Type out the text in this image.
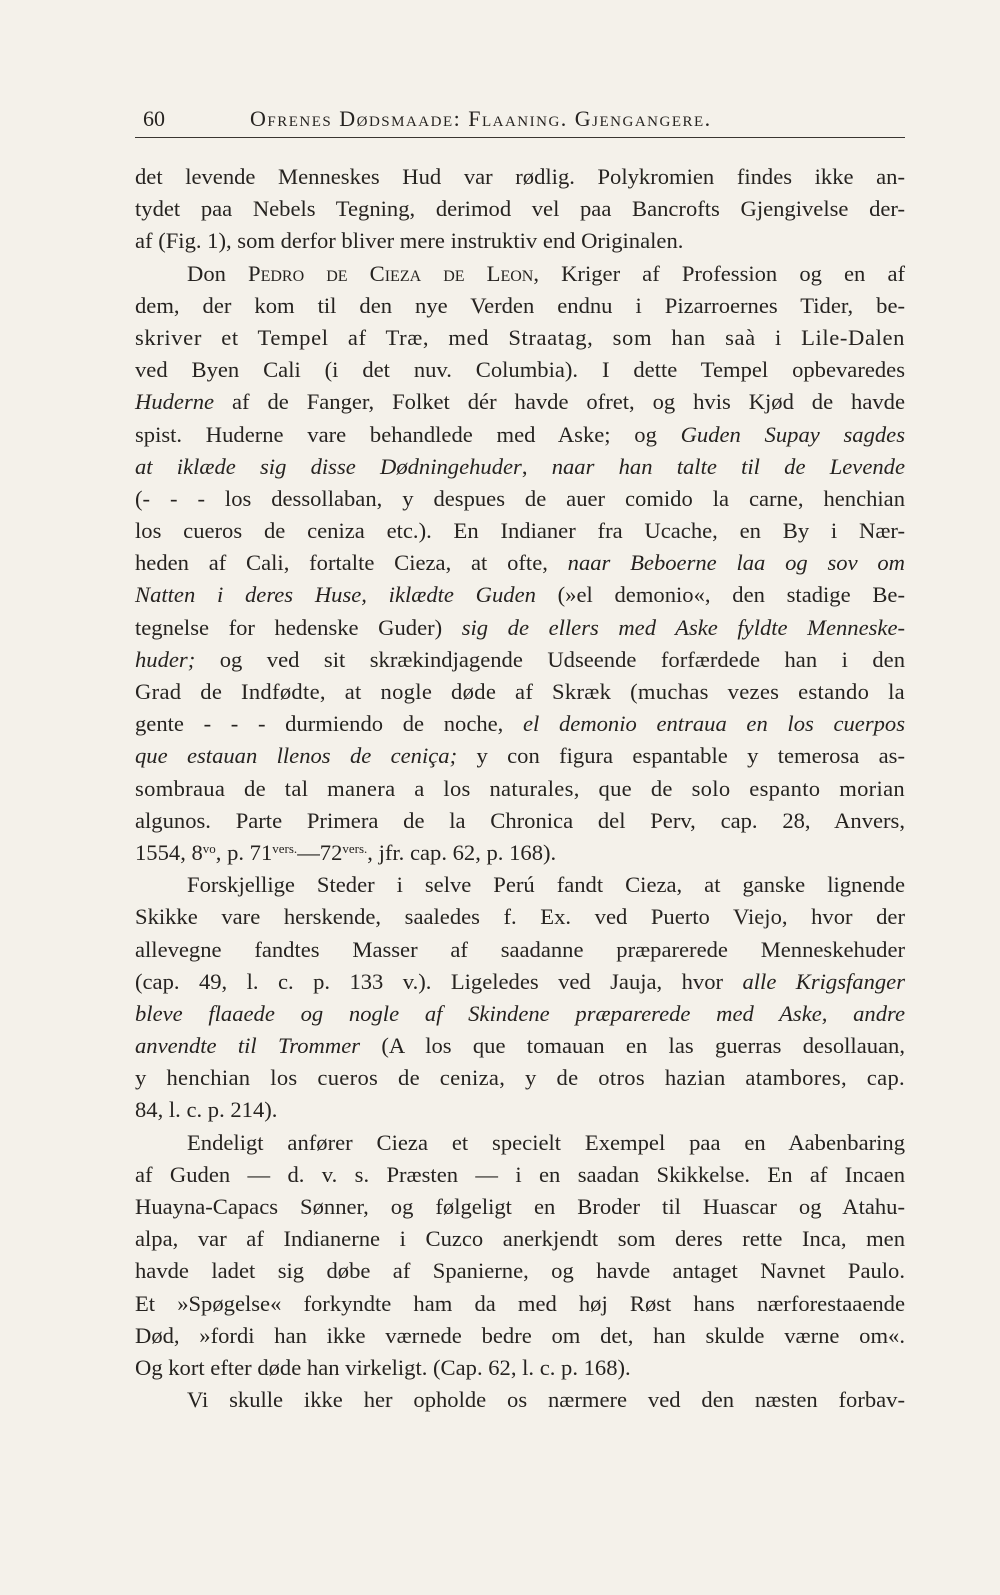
60	Ofrenes Dødsmaade: Flaaning. Gjengangere.
det levende Menneskes Hud var rødlig. Polykromien findes ikke an-
tydet paa Nebels Tegning, derimod vel paa Bancrofts Gjengivelse der-
af (Fig. 1), som derfor bliver mere instruktiv end Originalen.
Don Pedro de Cieza de Leon, Kriger af Profession og en af
dem, der kom til den nye Verden endnu i Pizarroernes Tider, be-
skriver et Tempel af Træ, med Straatag, som han saà i Lile-Dalen
ved Byen Cali (i det nuv. Columbia). I dette Tempel opbevaredes
Huderne af de Fanger, Folket dér havde ofret, og hvis Kjød de havde
spist. Huderne vare behandlede med Aske; og Guden Supay sagdes
at iklæde sig disse Dødningehuder, naar han talte til de Levende
(- - - los dessollaban, y despues de auer comido la carne, henchian
los cueros de ceniza etc.). En Indianer fra Ucache, en By i Nær-
heden af Cali, fortalte Cieza, at ofte, naar Beboerne laa og sov om
Natten i deres Huse, iklædte Guden (»el demonio«, den stadige Be-
tegnelse for hedenske Guder) sig de ellers med Aske fyldte Menneske-
huder; og ved sit skrækindjagende Udseende forfærdede han i den
Grad de Indfødte, at nogle døde af Skræk (muchas vezes estando la
gente - - - durmiendo de noche, el demonio entraua en los cuerpos
que estauan llenos de ceniça; y con figura espantable y temerosa as-
sombraua de tal manera a los naturales, que de solo espanto morian
algunos. Parte Primera de la Chronica del Perv, cap. 28, Anvers,
1554, $8^{vo}$, p. $71^{vers.}—72^{vers.}$, jfr. cap. 62, p. 168).
Forskjellige Steder i selve Perú fandt Cieza, at ganske lignende
Skikke vare herskende, saaledes f. Ex. ved Puerto Viejo, hvor der
allevegne fandtes Masser af saadanne præparerede Menneskehuder
(cap. 49, l. c. p. 133 v.). Ligeledes ved Jauja, hvor alle Krigsfanger
bleve flaaede og nogle af Skindene præparerede med Aske, andre
anvendte til Trommer (A los que tomauan en las guerras desollauan,
y henchian los cueros de ceniza, y de otros hazian atambores, cap.
84, l. c. p. 214).
Endeligt anfører Cieza et specielt Exempel paa en Aabenbaring
af Guden — d. v. s. Præsten — i en saadan Skikkelse. En af Incaen
Huayna-Capacs Sønner, og følgeligt en Broder til Huascar og Atahu-
alpa, var af Indianerne i Cuzco anerkjendt som deres rette Inca, men
havde ladet sig døbe af Spanierne, og havde antaget Navnet Paulo.
Et »Spøgelse« forkyndte ham da med høj Røst hans nærforestaaende
Død, »fordi han ikke værnede bedre om det, han skulde værne om«.
Og kort efter døde han virkeligt. (Cap. 62, l. c. p. 168).
Vi skulle ikke her opholde os nærmere ved den næsten forbav-
